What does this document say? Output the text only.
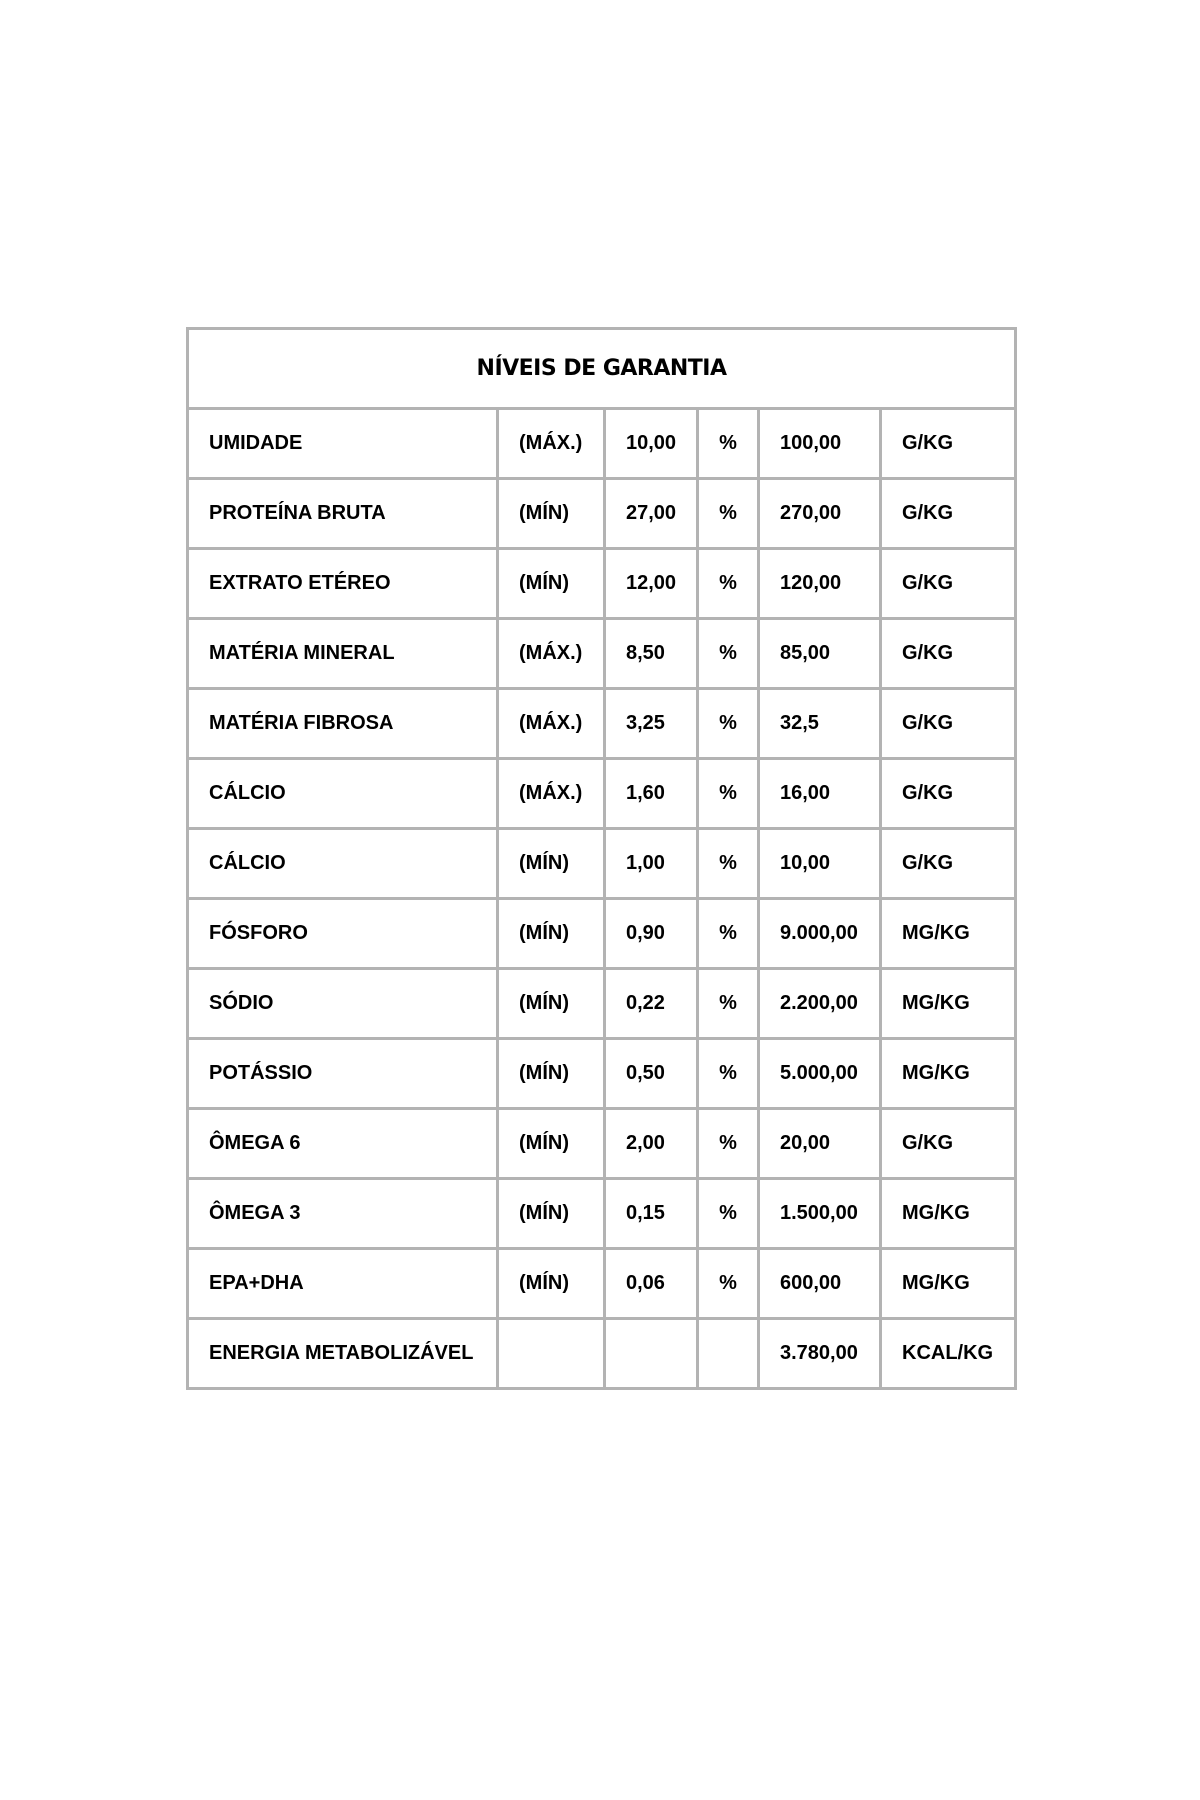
NÍVEIS DE GARANTIA					
UMIDADE	(MÁX.)	10,00	%	100,00	G/KG
PROTEÍNA BRUTA	(MÍN)	27,00	%	270,00	G/KG
EXTRATO ETÉREO	(MÍN)	12,00	%	120,00	G/KG
MATÉRIA MINERAL	(MÁX.)	8,50	%	85,00	G/KG
MATÉRIA FIBROSA	(MÁX.)	3,25	%	32,5	G/KG
CÁLCIO	(MÁX.)	1,60	%	16,00	G/KG
CÁLCIO	(MÍN)	1,00	%	10,00	G/KG
FÓSFORO	(MÍN)	0,90	%	9.000,00	MG/KG
SÓDIO	(MÍN)	0,22	%	2.200,00	MG/KG
POTÁSSIO	(MÍN)	0,50	%	5.000,00	MG/KG
ÔMEGA 6	(MÍN)	2,00	%	20,00	G/KG
ÔMEGA 3	(MÍN)	0,15	%	1.500,00	MG/KG
EPA+DHA	(MÍN)	0,06	%	600,00	MG/KG
ENERGIA METABOLIZÁVEL				3.780,00	KCAL/KG
